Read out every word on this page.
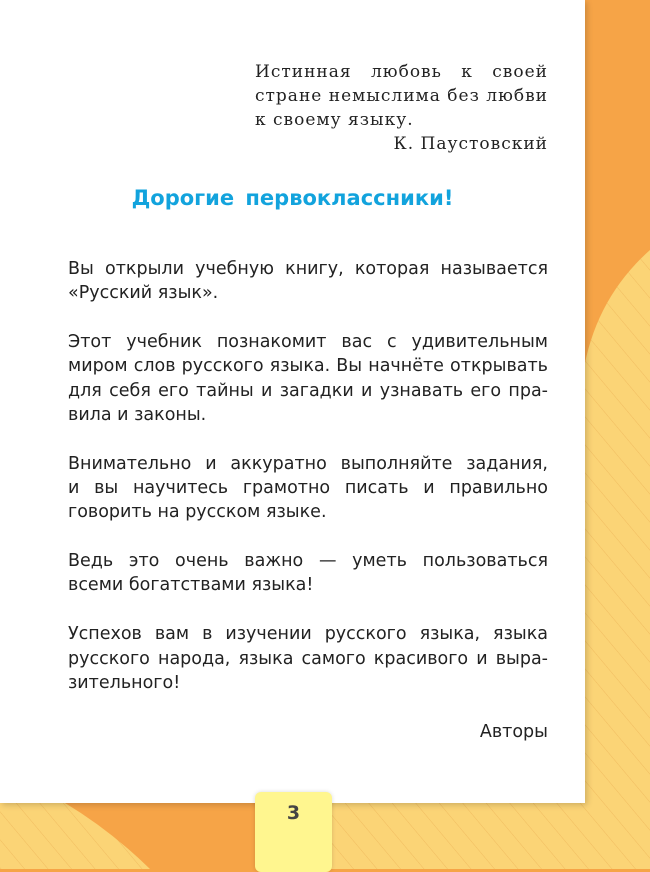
Истинная любовь к своей
стране немыслима без любви
к своему языку.
К. Паустовский
Дорогие первоклассники!

Вы открыли учебную книгу, которая называется
«Русский язык».

Этот учебник познакомит вас с удивительным
миром слов русского языка. Вы начнёте открывать
для себя его тайны и загадки и узнавать его пра-
вила и законы.

Внимательно и аккуратно выполняйте задания,
и вы научитесь грамотно писать и правильно
говорить на русском языке.

Ведь это очень важно — уметь пользоваться
всеми богатствами языка!

Успехов вам в изучении русского языка, языка
русского народа, языка самого красивого и выра-
зительного!

Авторы
3
